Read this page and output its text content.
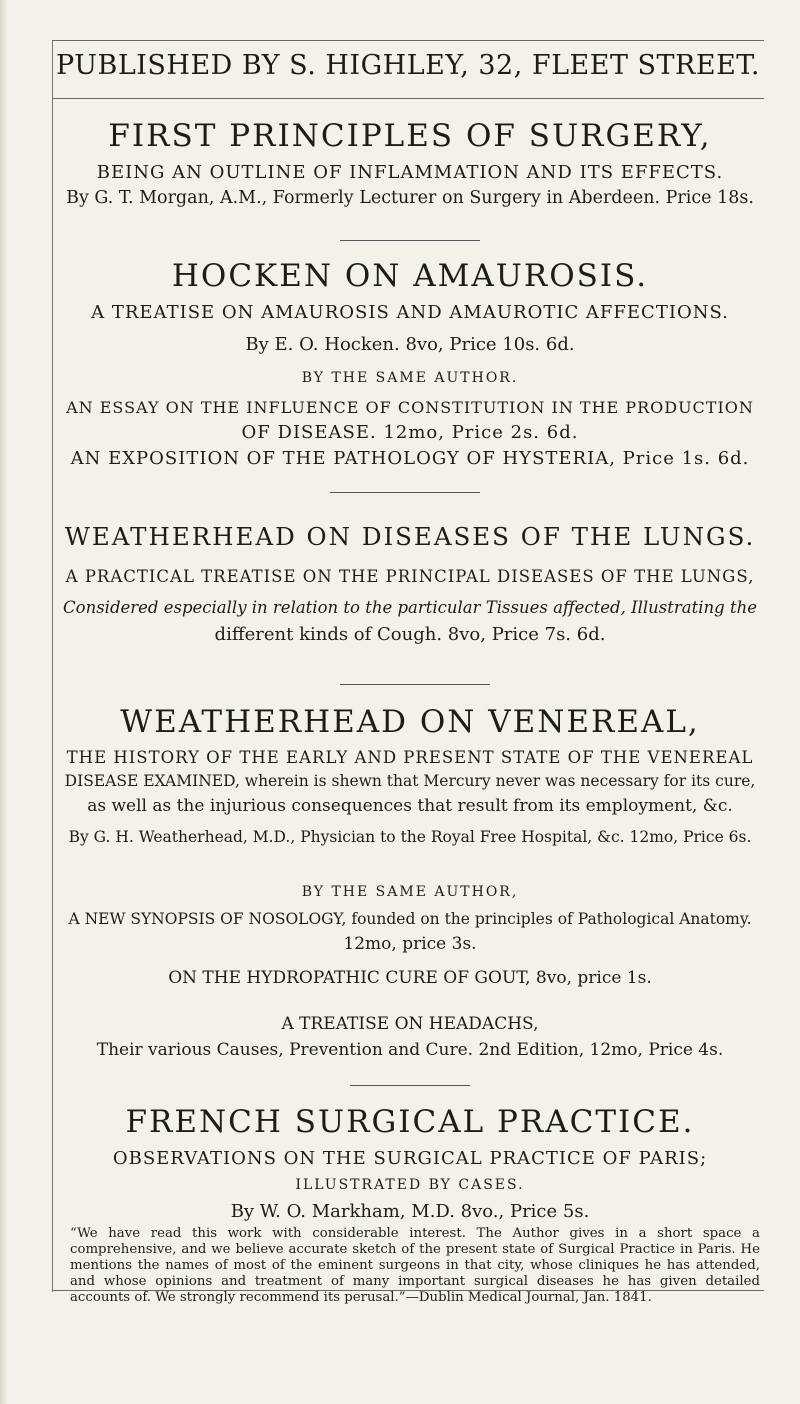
PUBLISHED BY S. HIGHLEY, 32, FLEET STREET.
FIRST PRINCIPLES OF SURGERY,
BEING AN OUTLINE OF INFLAMMATION AND ITS EFFECTS.
By G. T. Morgan, A.M., Formerly Lecturer on Surgery in Aberdeen. Price 18s.
HOCKEN ON AMAUROSIS.
A TREATISE ON AMAUROSIS AND AMAUROTIC AFFECTIONS.
By E. O. Hocken. 8vo, Price 10s. 6d.
BY THE SAME AUTHOR.
AN ESSAY ON THE INFLUENCE OF CONSTITUTION IN THE PRODUCTION
OF DISEASE. 12mo, Price 2s. 6d.
AN EXPOSITION OF THE PATHOLOGY OF HYSTERIA, Price 1s. 6d.
WEATHERHEAD ON DISEASES OF THE LUNGS.
A PRACTICAL TREATISE ON THE PRINCIPAL DISEASES OF THE LUNGS,
Considered especially in relation to the particular Tissues affected, Illustrating the
different kinds of Cough. 8vo, Price 7s. 6d.
WEATHERHEAD ON VENEREAL,
THE HISTORY OF THE EARLY AND PRESENT STATE OF THE VENEREAL
DISEASE EXAMINED, wherein is shewn that Mercury never was necessary for its cure,
as well as the injurious consequences that result from its employment, &c.
By G. H. Weatherhead, M.D., Physician to the Royal Free Hospital, &c. 12mo, Price 6s.
BY THE SAME AUTHOR,
A NEW SYNOPSIS OF NOSOLOGY, founded on the principles of Pathological Anatomy.
12mo, price 3s.
ON THE HYDROPATHIC CURE OF GOUT, 8vo, price 1s.
A TREATISE ON HEADACHS,
Their various Causes, Prevention and Cure. 2nd Edition, 12mo, Price 4s.
FRENCH SURGICAL PRACTICE.
OBSERVATIONS ON THE SURGICAL PRACTICE OF PARIS;
ILLUSTRATED BY CASES.
By W. O. Markham, M.D. 8vo., Price 5s.
“We have read this work with considerable interest. The Author gives in a short space a comprehensive, and we believe accurate sketch of the present state of Surgical Practice in Paris. He mentions the names of most of the eminent surgeons in that city, whose cliniques he has attended, and whose opinions and treatment of many important surgical diseases he has given detailed accounts of. We strongly recommend its perusal.”—Dublin Medical Journal, Jan. 1841.
